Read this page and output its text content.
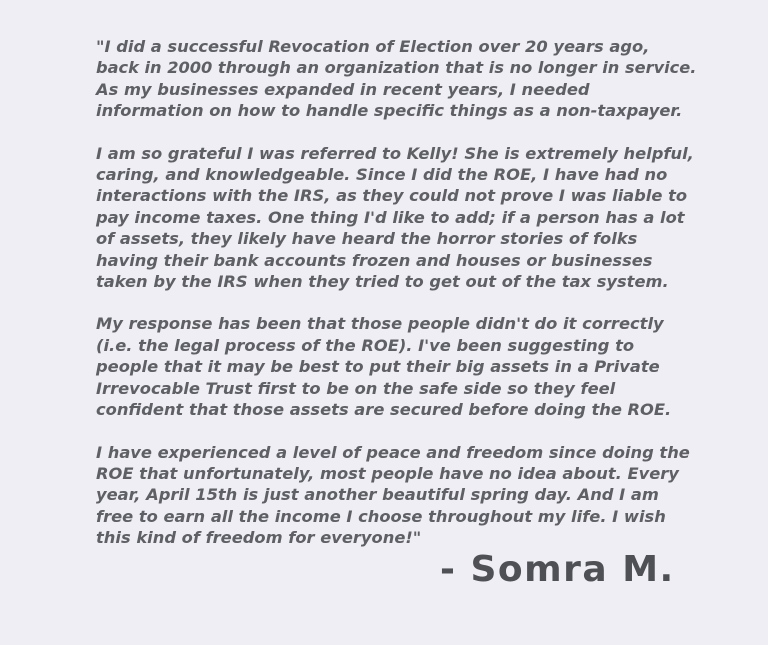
"I did a successful Revocation of Election over 20 years ago,
back in 2000 through an organization that is no longer in service.
As my businesses expanded in recent years, I needed
information on how to handle specific things as a non-taxpayer.

I am so grateful I was referred to Kelly! She is extremely helpful,
caring, and knowledgeable. Since I did the ROE, I have had no
interactions with the IRS, as they could not prove I was liable to
pay income taxes. One thing I'd like to add; if a person has a lot
of assets, they likely have heard the horror stories of folks
having their bank accounts frozen and houses or businesses
taken by the IRS when they tried to get out of the tax system.

My response has been that those people didn't do it correctly
(i.e. the legal process of the ROE). I've been suggesting to
people that it may be best to put their big assets in a Private
Irrevocable Trust first to be on the safe side so they feel
confident that those assets are secured before doing the ROE.

I have experienced a level of peace and freedom since doing the
ROE that unfortunately, most people have no idea about. Every
year, April 15th is just another beautiful spring day. And I am
free to earn all the income I choose throughout my life. I wish
this kind of freedom for everyone!"

- Somra M.
